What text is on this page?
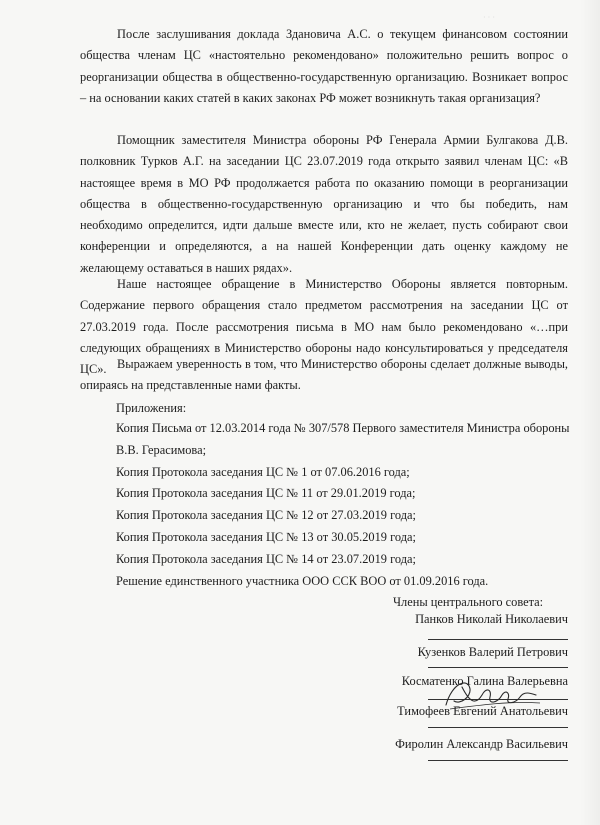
· · ·

После заслушивания доклада Здановича А.С. о текущем финансовом состоянии общества членам ЦС «настоятельно рекомендовано» положительно решить вопрос о реорганизации общества в общественно-государственную организацию. Возникает вопрос – на основании каких статей в каких законах РФ может возникнуть такая организация?

Помощник заместителя Министра обороны РФ Генерала Армии Булгакова Д.В. полковник Турков А.Г. на заседании ЦС 23.07.2019 года открыто заявил членам ЦС: «В настоящее время в МО РФ продолжается работа по оказанию помощи в реорганизации общества в общественно-государственную организацию и что бы победить, нам необходимо определится, идти дальше вместе или, кто не желает, пусть собирают свои конференции и определяются, а на нашей Конференции дать оценку каждому не желающему оставаться в наших рядах».

Наше настоящее обращение в Министерство Обороны является повторным. Содержание первого обращения стало предметом рассмотрения на заседании ЦС от 27.03.2019 года. После рассмотрения письма в МО нам было рекомендовано «…при следующих обращениях в Министерство обороны надо консультироваться у председателя ЦС». Выражаем уверенность в том, что Министерство обороны сделает должные выводы, опираясь на представленные нами факты.

Приложения:

Копия Письма от 12.03.2014 года № 307/578 Первого заместителя Министра обороны

В.В. Герасимова;

Копия Протокола заседания ЦС № 1 от 07.06.2016 года;

Копия Протокола заседания ЦС № 11 от 29.01.2019 года;

Копия Протокола заседания ЦС № 12 от 27.03.2019 года;

Копия Протокола заседания ЦС № 13 от 30.05.2019 года;

Копия Протокола заседания ЦС № 14 от 23.07.2019 года;

Решение единственного участника ООО ССК ВОО от 01.09.2016 года.

Члены центрального совета:

Панков Николай Николаевич
Кузенков Валерий Петрович
Косматенко Галина Валерьевна
Тимофеев Евгений Анатольевич
Фиролин Александр Васильевич
